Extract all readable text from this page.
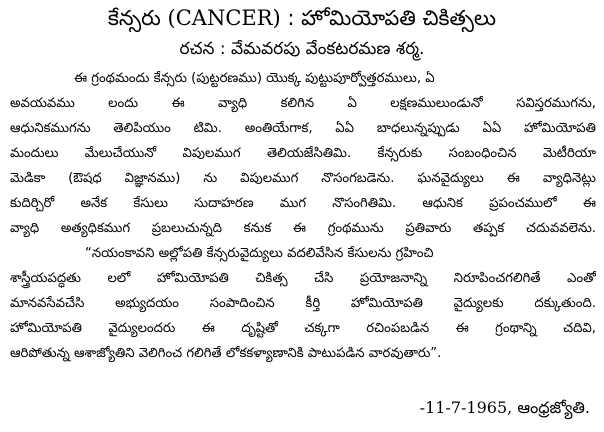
కేన్సరు (CANCER) : హోమియోపతి చికిత్సలు
రచన : వేమవరపు వేంకటరమణ శర్మ.
ఈ గ్రంథమందు కేన్సరు (పుట్టరణము) యొక్క పుట్టుపూర్వోత్తరములు, ఏ
అవయవము లందు ఈ వ్యాధి కలిగిన ఏ లక్షణములుండునో సవిస్తరముగను,
ఆధునికముగను తెలిపియుం టిమి. అంతియేగాక, ఏఏ బాధలున్నప్పుడు ఏఏ హోమియోపతి
మందులు మేలుచేయునో విపులముగ తెలియజేసితిమి. కేన్సరుకు సంబంధించిన మెటీరియా
మెడికా (ఔషధ విజ్ఞానము) ను విపులముగ నొసంగబడెను. ఘనవైద్యులు ఈ వ్యాధినెట్లు
కుదిర్చిరో అనేక కేసులు సుదాహరణ ముగ నొసంగితిమి. ఆధునిక ప్రపంచములో ఈ
వ్యాధి అత్యధికముగ ప్రబలుచున్నది కనుక ఈ గ్రంథమును ప్రతివారు తప్పక చదువవలెను.
“నయంకావని అల్లోపతి కేన్సరువైద్యులు వదలివేసిన కేసులను గ్రహించి
శాస్త్రీయపద్ధతు లలో హోమియోపతి చికిత్స చేసి ప్రయోజనాన్ని నిరూపించగలిగితే ఎంతో
మానవసేవచేసి అభ్యుదయం సంపాదించిన కీర్తి హోమియోపతి వైద్యులకు దక్కుతుంది.
హోమియోపతి వైద్యులందరు ఈ దృష్టితో చక్కగా రచింపబడిన ఈ గ్రంథాన్ని చదివి,
ఆరిపోతున్న ఆశాజ్యోతిని వెలిగించ గలిగితే లోకకళ్యాణానికి పాటుపడిన వారవుతారు”.
-11-7-1965, ఆంధ్రజ్యోతి.
